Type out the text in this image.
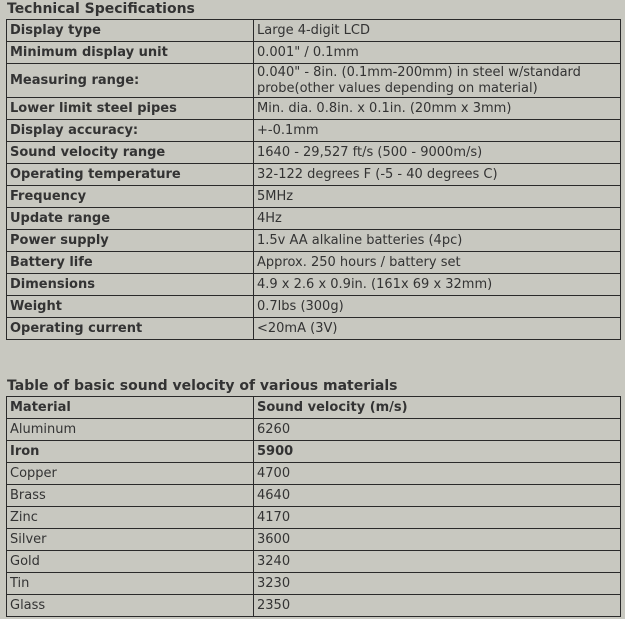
Technical Specifications
Display type	Large 4-digit LCD
Minimum display unit	0.001" / 0.1mm
Measuring range:	0.040" - 8in. (0.1mm-200mm) in steel w/standard probe(other values depending on material)
Lower limit steel pipes	Min. dia. 0.8in. x 0.1in. (20mm x 3mm)
Display accuracy:	+-0.1mm
Sound velocity range	1640 - 29,527 ft/s (500 - 9000m/s)
Operating temperature	32-122 degrees F (-5 - 40 degrees C)
Frequency	5MHz
Update range	4Hz
Power supply	1.5v AA alkaline batteries (4pc)
Battery life	Approx. 250 hours / battery set
Dimensions	4.9 x 2.6 x 0.9in. (161x 69 x 32mm)
Weight	0.7lbs (300g)
Operating current	<20mA (3V)
Table of basic sound velocity of various materials
Material	Sound velocity (m/s)
Aluminum	6260
Iron	5900
Copper	4700
Brass	4640
Zinc	4170
Silver	3600
Gold	3240
Tin	3230
Glass	2350
